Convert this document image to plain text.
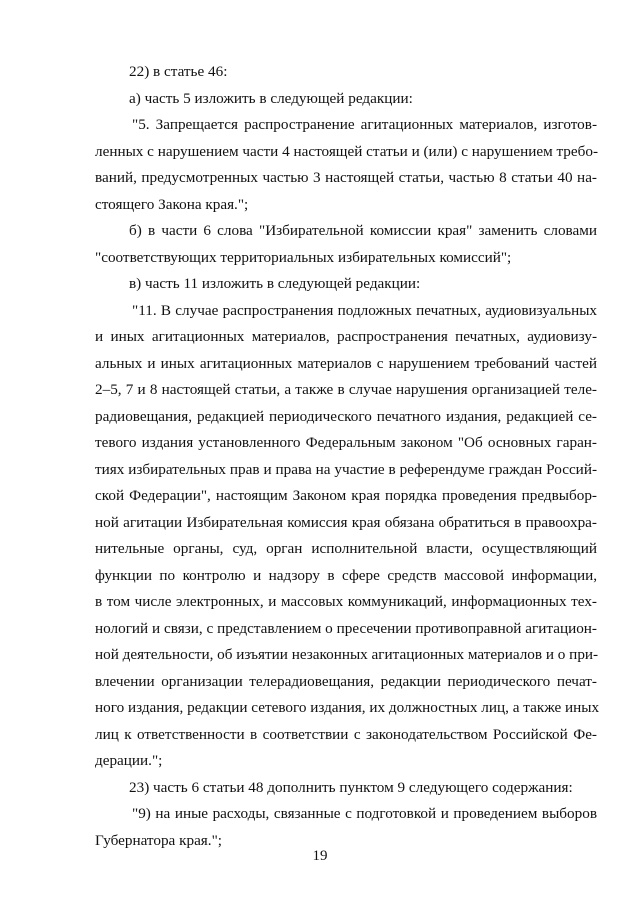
22) в статье 46:

а) часть 5 изложить в следующей редакции:

"5. Запрещается распространение агитационных материалов, изготов-

ленных с нарушением части 4 настоящей статьи и (или) с нарушением требо-

ваний, предусмотренных частью 3 настоящей статьи, частью 8 статьи 40 на-

стоящего Закона края.";

б) в части 6 слова "Избирательной комиссии края" заменить словами

"соответствующих территориальных избирательных комиссий";

в) часть 11 изложить в следующей редакции:

"11. В случае распространения подложных печатных, аудиовизуальных

и иных агитационных материалов, распространения печатных, аудиовизу-

альных и иных агитационных материалов с нарушением требований частей

2–5, 7 и 8 настоящей статьи, а также в случае нарушения организацией теле-

радиовещания, редакцией периодического печатного издания, редакцией се-

тевого издания установленного Федеральным законом "Об основных гаран-

тиях избирательных прав и права на участие в референдуме граждан Россий-

ской Федерации", настоящим Законом края порядка проведения предвыбор-

ной агитации Избирательная комиссия края обязана обратиться в правоохра-

нительные органы, суд, орган исполнительной власти, осуществляющий

функции по контролю и надзору в сфере средств массовой информации,

в том числе электронных, и массовых коммуникаций, информационных тех-

нологий и связи, с представлением о пресечении противоправной агитацион-

ной деятельности, об изъятии незаконных агитационных материалов и о при-

влечении организации телерадиовещания, редакции периодического печат-

ного издания, редакции сетевого издания, их должностных лиц, а также иных

лиц к ответственности в соответствии с законодательством Российской Фе-

дерации.";

23) часть 6 статьи 48 дополнить пунктом 9 следующего содержания:

"9) на иные расходы, связанные с подготовкой и проведением выборов

Губернатора края.";

19
